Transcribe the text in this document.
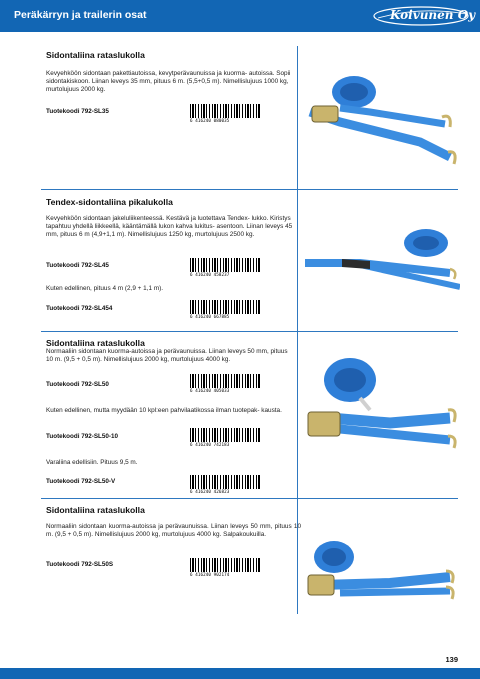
Peräkärryn ja trailerin osat	Koivunen Oy
Sidontaliina rataslukolla
Kevyehköön sidontaan pakettiautoissa, kevytperävaunuissa ja kuorma- autoissa. Sopii sidontakiskoon. Liinan leveys 35 mm, pituus 6 m. (5,5+0,5 m). Nimellislujuus 1000 kg, murtolujuus 2000 kg.
Tuotekoodi 792-SL35
6 416240 080035
Tendex-sidontaliina pikalukolla
Kevyehköön sidontaan jakeluliikenteessä. Kestävä ja luotettava Tendex- lukko. Kiristys tapahtuu yhdellä liikkeellä, kääntämällä lukon kahva lukitus- asentoon. Liinan leveys 45 mm, pituus 6 m (4,9+1,1 m). Nimellislujuus 1250 kg, murtolujuus 2500 kg.
Tuotekoodi 792-SL45
6 416240 458237
Kuten edellinen, pituus 4 m (2,9 + 1,1 m).
Tuotekoodi 792-SL454
6 416240 667885
Sidontaliina rataslukolla
Normaaliin sidontaan kuorma-autoissa ja perävaunuissa. Liinan leveys 50 mm, pituus 10 m. (9,5 + 0,5 m). Nimellislujuus 2000 kg, murtolujuus 4000 kg.
Tuotekoodi 792-SL50
6 416240 405033
Kuten edellinen, mutta myydään 10 kpl:een pahvilaatikossa ilman tuotepak- kausta.
Tuotekoodi 792-SL50-10
6 416240 742183
Varaliina edellisiin. Pituus 9,5 m.
Tuotekoodi 792-SL50-V
6 416240 426823
Sidontaliina rataslukolla
Normaaliin sidontaan kuorma-autoissa ja perävaunuissa. Liinan leveys 50 mm, pituus 10 m. (9,5 + 0,5 m). Nimellislujuus 2000 kg, murtolujuus 4000 kg. Salpakoukuilla.
Tuotekoodi 792-SL50S
6 416240 902174
139
